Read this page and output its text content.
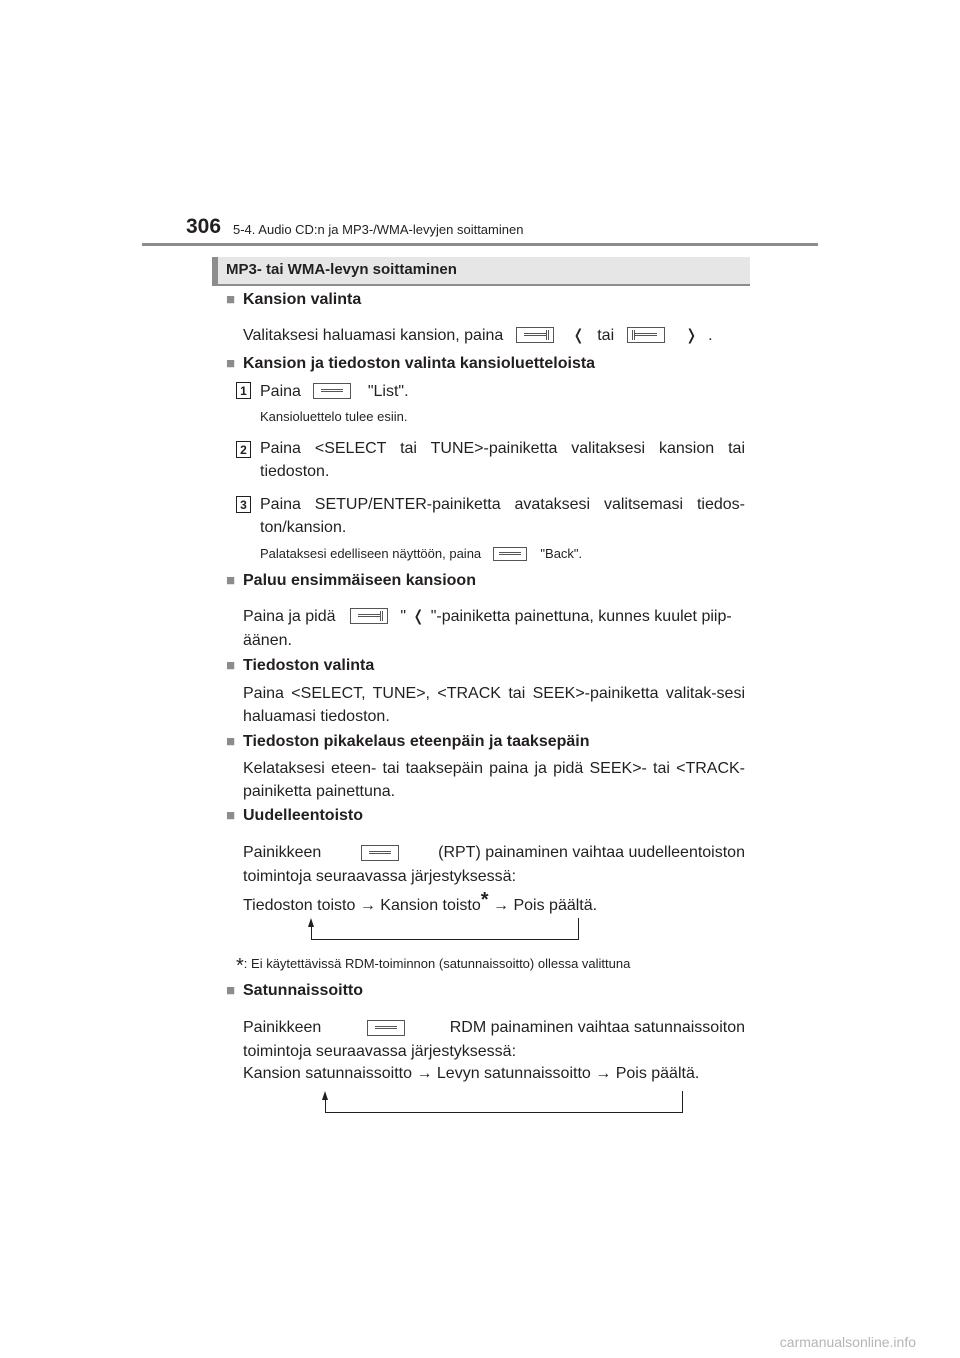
306 5-4. Audio CD:n ja MP3-/WMA-levyjen soittaminen
MP3- tai WMA-levyn soittaminen
■ Kansion valinta
Valitaksesi haluamasi kansion, paina	❬ tai	❭ .
■ Kansion ja tiedoston valinta kansioluetteloista
1 Paina	"List".
Kansioluettelo tulee esiin.
2 Paina <SELECT tai TUNE>-painiketta valitaksesi kansion tai tiedoston.
3 Paina SETUP/ENTER-painiketta avataksesi valitsemasi tiedos-ton/kansion.
Palataksesi edelliseen näyttöön, paina	"Back".
■ Paluu ensimmäiseen kansioon
Paina ja pidä	" ❬ "-painiketta painettuna, kunnes kuulet piip-
äänen.
■ Tiedoston valinta
Paina <SELECT, TUNE>, <TRACK tai SEEK>-painiketta valitak-sesi haluamasi tiedoston.
■ Tiedoston pikakelaus eteenpäin ja taaksepäin
Kelataksesi eteen- tai taaksepäin paina ja pidä SEEK>- tai <TRACK-painiketta painettuna.
■ Uudelleentoisto
Painikkeen	(RPT) painaminen vaihtaa uudelleentoiston
toimintoja seuraavassa järjestyksessä:
Tiedoston toisto → Kansion toisto* → Pois päältä.
*: Ei käytettävissä RDM-toiminnon (satunnaissoitto) ollessa valittuna
■ Satunnaissoitto
Painikkeen	RDM painaminen vaihtaa satunnaissoiton
toimintoja seuraavassa järjestyksessä:
Kansion satunnaissoitto → Levyn satunnaissoitto → Pois päältä.
carmanualsonline.info
